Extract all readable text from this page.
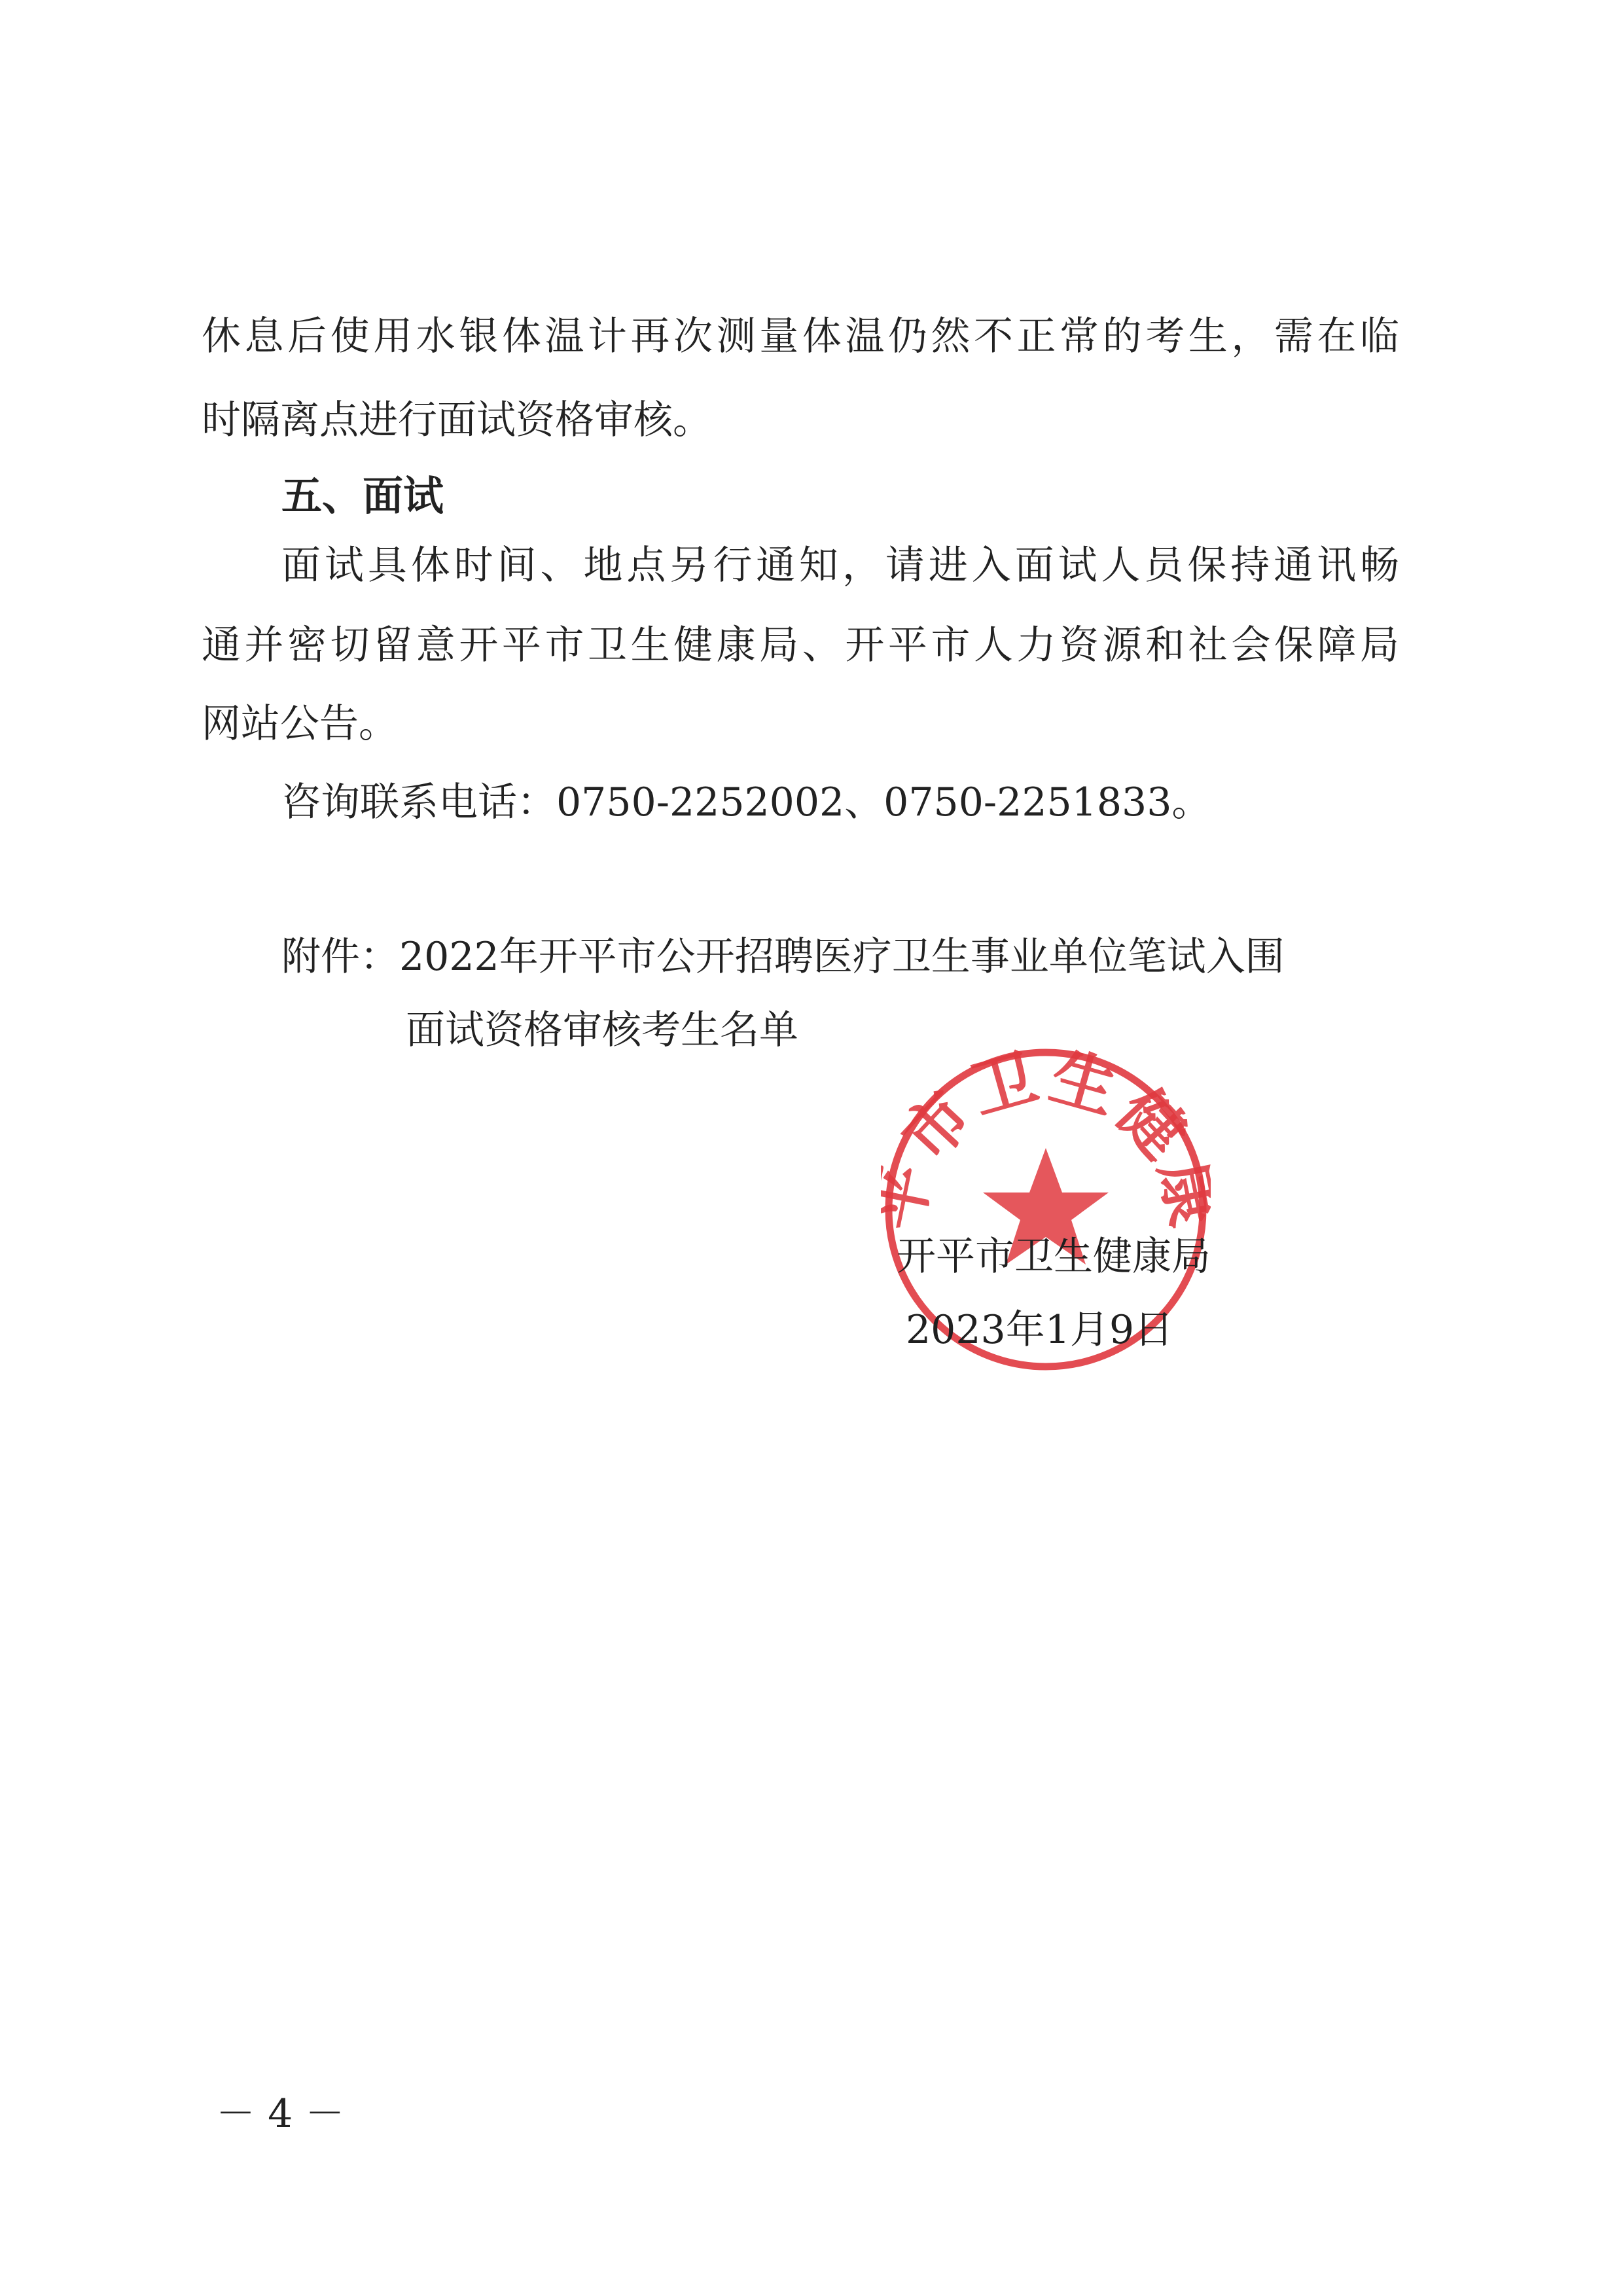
休息后使用水银体温计再次测量体温仍然不正常的考生，需在临
时隔离点进行面试资格审核。
五、面试
面试具体时间、地点另行通知，请进入面试人员保持通讯畅
通并密切留意开平市卫生健康局、开平市人力资源和社会保障局
网站公告。
咨询联系电话：0750-2252002、0750-2251833。
附件：2022年开平市公开招聘医疗卫生事业单位笔试入围
面试资格审核考生名单
市卫生健
开平市卫生健康局
2023年1月9日
－ 4 －
